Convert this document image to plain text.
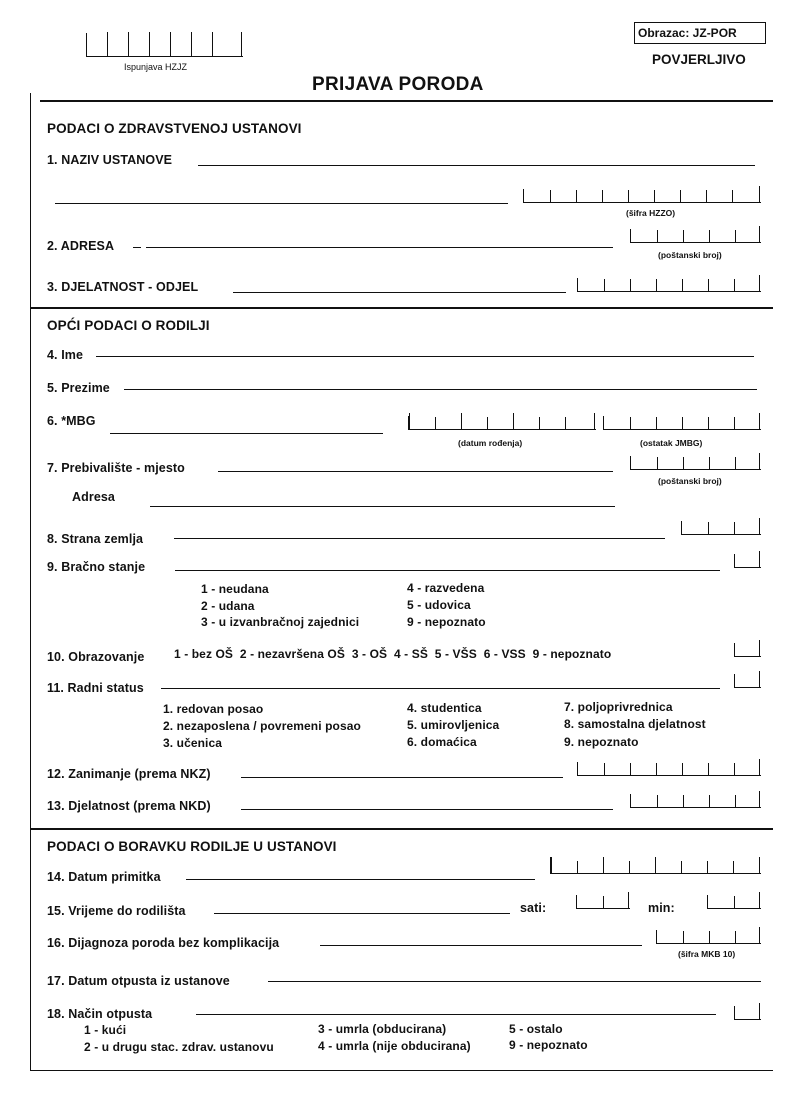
Ispunjava HZJZ
Obrazac: JZ-POR
POVJERLJIVO
PRIJAVA PORODA
PODACI O ZDRAVSTVENOJ USTANOVI
1. NAZIV USTANOVE
(šifra HZZO)
2. ADRESA
(poštanski broj)
3. DJELATNOST - ODJEL
OPĆI PODACI O RODILJI
4. Ime
5. Prezime
6. *MBG
(datum rođenja)	(ostatak JMBG)
7. Prebivalište - mjesto
(poštanski broj)
Adresa
8. Strana zemlja
9. Bračno stanje
1 - neudana
2 - udana
3 - u izvanbračnoj zajednici
4 - razvedena
5 - udovica
9 - nepoznato
10. Obrazovanje 1 - bez OŠ  2 - nezavršena OŠ  3 - OŠ  4 - SŠ  5 - VŠS  6 - VSS  9 - nepoznato
11. Radni status
1. redovan posao
2. nezaposlena / povremeni posao
3. učenica
4. studentica
5. umirovljenica
6. domaćica
7. poljoprivrednica
8. samostalna djelatnost
9. nepoznato
12. Zanimanje (prema NKZ)
13. Djelatnost (prema NKD)
PODACI O BORAVKU RODILJE U USTANOVI
14. Datum primitka
15. Vrijeme do rodilišta	sati:	min:
16. Dijagnoza poroda bez komplikacija
(šifra MKB 10)
17. Datum otpusta iz ustanove
18. Način otpusta
1 - kući
2 - u drugu stac. zdrav. ustanovu
3 - umrla (obducirana)
4 - umrla (nije obducirana)
5 - ostalo
9 - nepoznato
